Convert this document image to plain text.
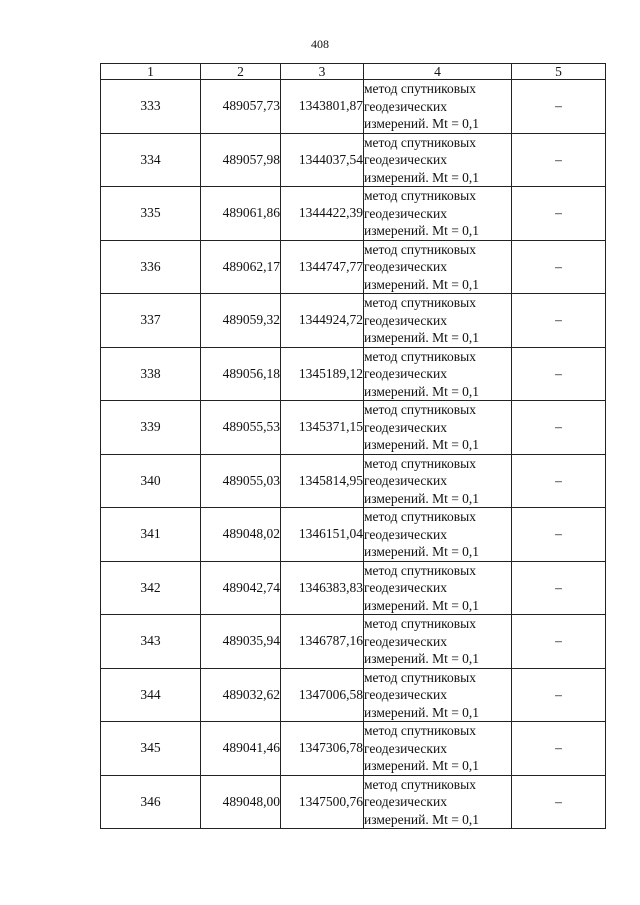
408
1	2	3	4	5
333	489057,73	1343801,87	метод спутниковых
геодезических
измерений. Mt = 0,1	–
334	489057,98	1344037,54	метод спутниковых
геодезических
измерений. Mt = 0,1	–
335	489061,86	1344422,39	метод спутниковых
геодезических
измерений. Mt = 0,1	–
336	489062,17	1344747,77	метод спутниковых
геодезических
измерений. Mt = 0,1	–
337	489059,32	1344924,72	метод спутниковых
геодезических
измерений. Mt = 0,1	–
338	489056,18	1345189,12	метод спутниковых
геодезических
измерений. Mt = 0,1	–
339	489055,53	1345371,15	метод спутниковых
геодезических
измерений. Mt = 0,1	–
340	489055,03	1345814,95	метод спутниковых
геодезических
измерений. Mt = 0,1	–
341	489048,02	1346151,04	метод спутниковых
геодезических
измерений. Mt = 0,1	–
342	489042,74	1346383,83	метод спутниковых
геодезических
измерений. Mt = 0,1	–
343	489035,94	1346787,16	метод спутниковых
геодезических
измерений. Mt = 0,1	–
344	489032,62	1347006,58	метод спутниковых
геодезических
измерений. Mt = 0,1	–
345	489041,46	1347306,78	метод спутниковых
геодезических
измерений. Mt = 0,1	–
346	489048,00	1347500,76	метод спутниковых
геодезических
измерений. Mt = 0,1	–
